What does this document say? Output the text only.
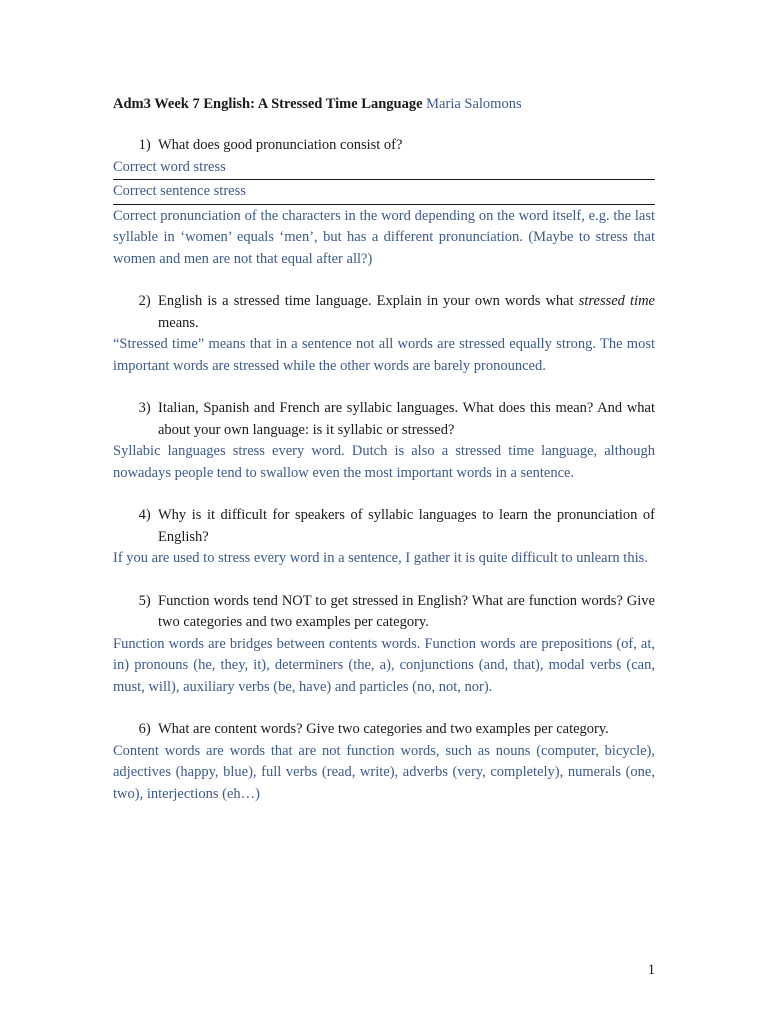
Adm3 Week 7 English: A Stressed Time Language Maria Salomons
1) What does good pronunciation consist of?
Correct word stress
Correct sentence stress
Correct pronunciation of the characters in the word depending on the word itself, e.g. the last syllable in ‘women’ equals ‘men’, but has a different pronunciation. (Maybe to stress that women and men are not that equal after all?)
2) English is a stressed time language. Explain in your own words what stressed time means.
“Stressed time” means that in a sentence not all words are stressed equally strong. The most important words are stressed while the other words are barely pronounced.
3) Italian, Spanish and French are syllabic languages. What does this mean? And what about your own language: is it syllabic or stressed?
Syllabic languages stress every word. Dutch is also a stressed time language, although nowadays people tend to swallow even the most important words in a sentence.
4) Why is it difficult for speakers of syllabic languages to learn the pronunciation of English?
If you are used to stress every word in a sentence, I gather it is quite difficult to unlearn this.
5) Function words tend NOT to get stressed in English? What are function words? Give two categories and two examples per category.
Function words are bridges between contents words. Function words are prepositions (of, at, in) pronouns (he, they, it), determiners (the, a), conjunctions (and, that), modal verbs (can, must, will), auxiliary verbs (be, have) and particles (no, not, nor).
6) What are content words? Give two categories and two examples per category.
Content words are words that are not function words, such as nouns (computer, bicycle), adjectives (happy, blue), full verbs (read, write), adverbs (very, completely), numerals (one, two), interjections (eh…)
1
